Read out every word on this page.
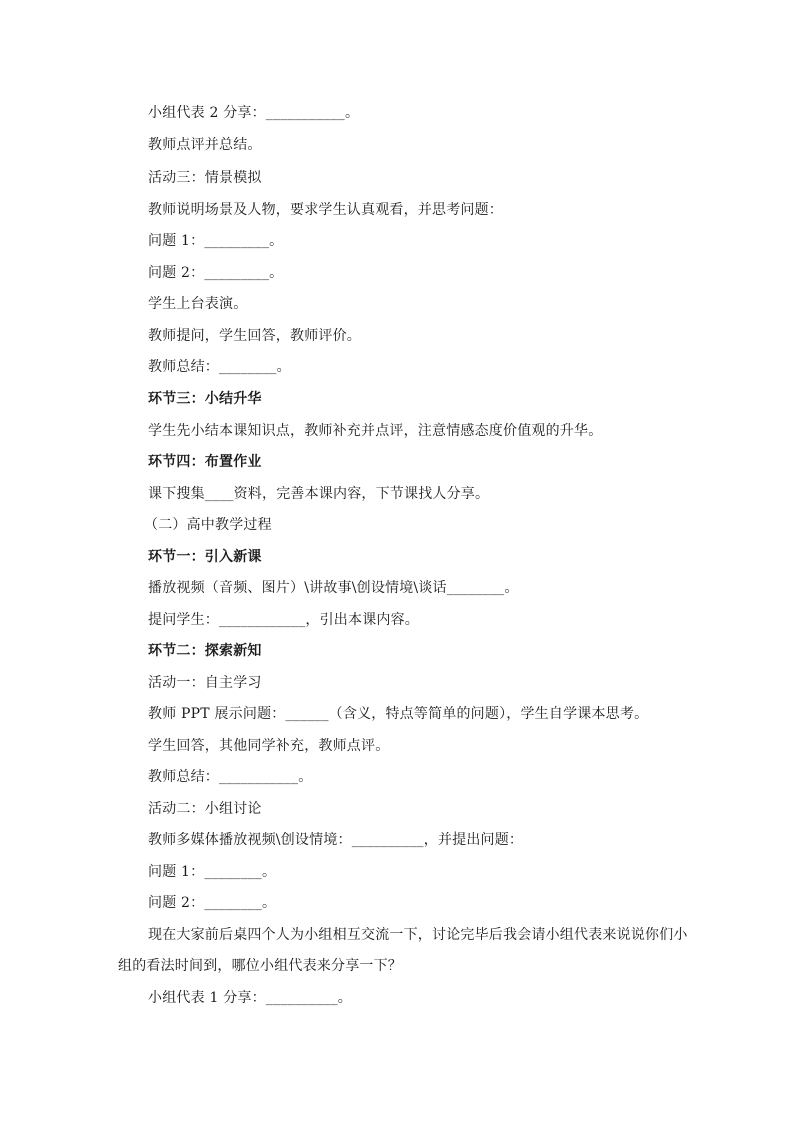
小组代表 2 分享：___________。
教师点评并总结。
活动三：情景模拟
教师说明场景及人物，要求学生认真观看，并思考问题：
问题 1：_________。
问题 2：_________。
学生上台表演。
教师提问，学生回答，教师评价。
教师总结：________。
环节三：小结升华
学生先小结本课知识点，教师补充并点评，注意情感态度价值观的升华。
环节四：布置作业
课下搜集____资料，完善本课内容，下节课找人分享。
（二）高中教学过程
环节一：引入新课
播放视频（音频、图片）\讲故事\创设情境\谈话________。
提问学生：____________，引出本课内容。
环节二：探索新知
活动一：自主学习
教师 PPT 展示问题：______（含义，特点等简单的问题），学生自学课本思考。
学生回答，其他同学补充，教师点评。
教师总结：___________。
活动二：小组讨论
教师多媒体播放视频\创设情境：__________，并提出问题：
问题 1：________。
问题 2：________。
现在大家前后桌四个人为小组相互交流一下，讨论完毕后我会请小组代表来说说你们小
组的看法时间到，哪位小组代表来分享一下？
小组代表 1 分享：__________。
